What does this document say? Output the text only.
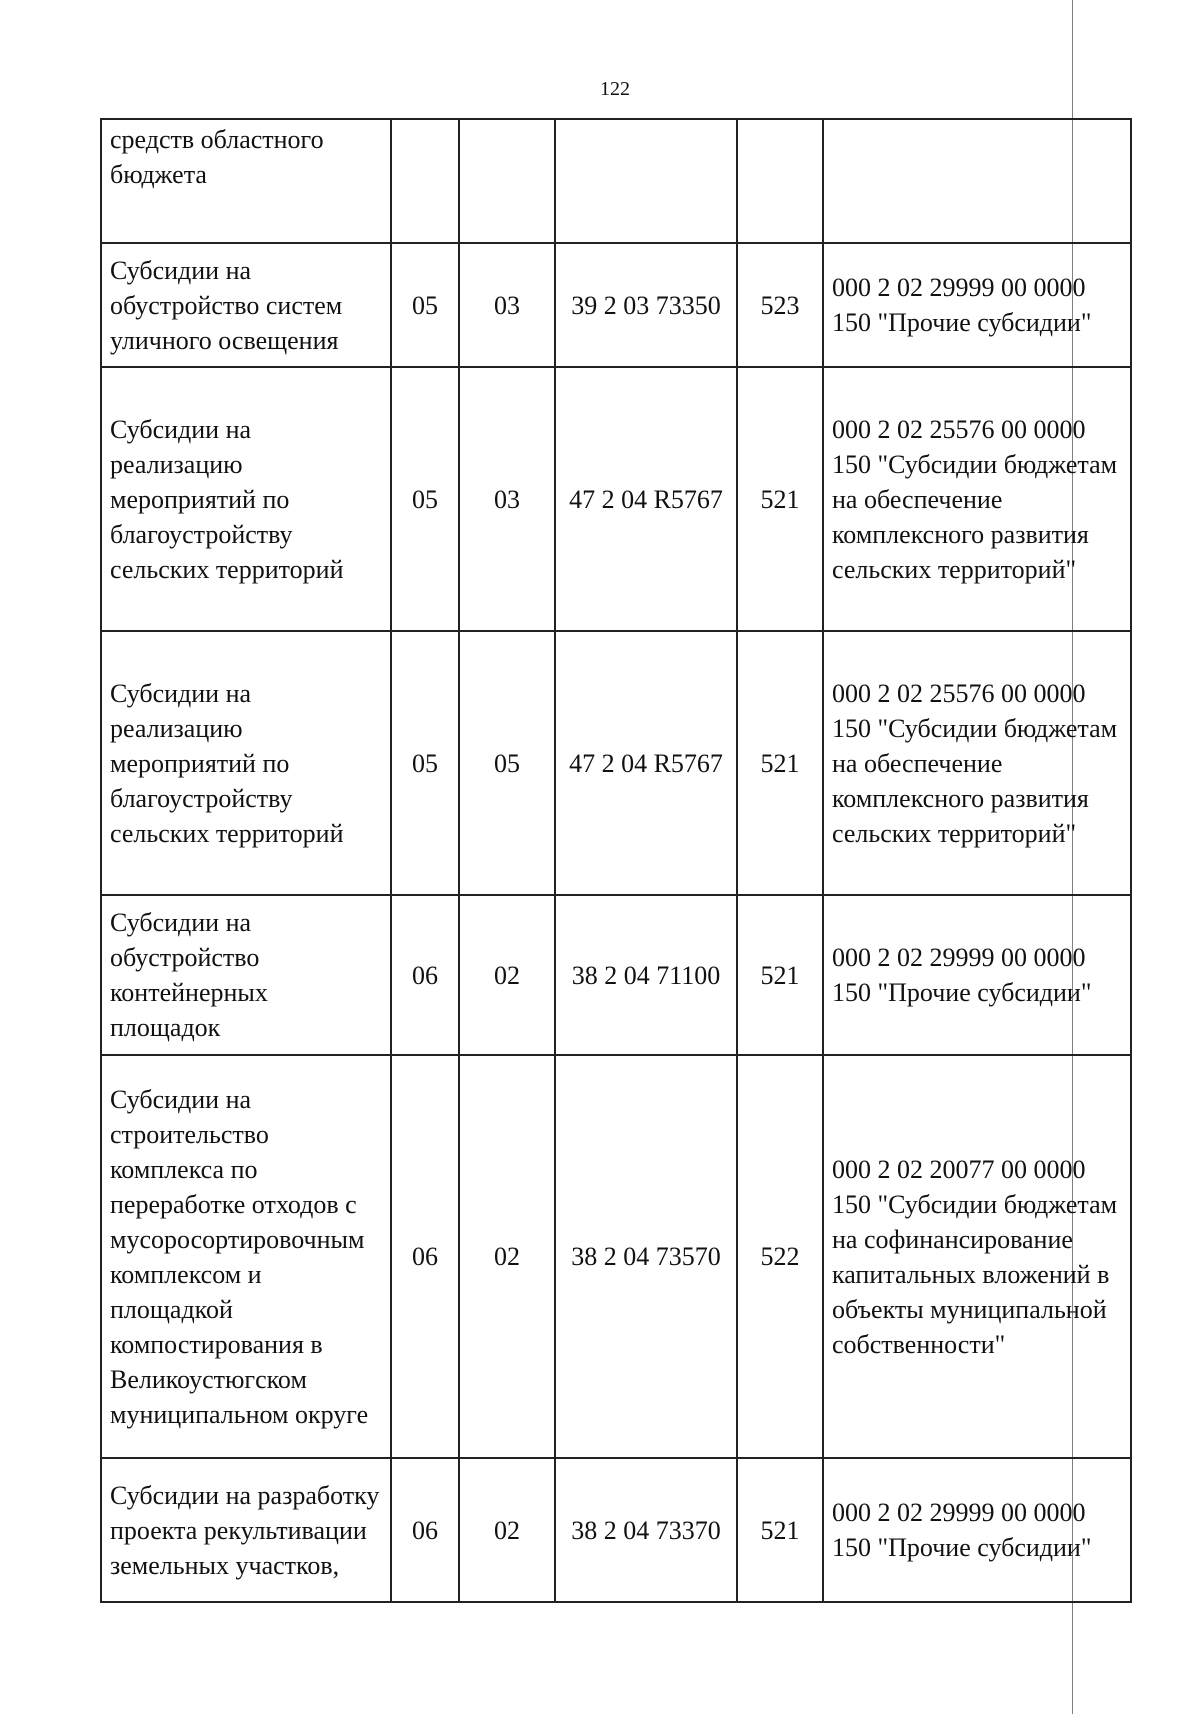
122
средств областного бюджета					
Субсидии на обустройство систем уличного освещения	05	03	39 2 03 73350	523	000 2 02 29999 00 0000 150 "Прочие субсидии"
Субсидии на реализацию мероприятий по благоустройству сельских территорий	05	03	47 2 04 R5767	521	000 2 02 25576 00 0000 150 "Субсидии бюджетам на обеспечение комплексного развития сельских территорий"
Субсидии на реализацию мероприятий по благоустройству сельских территорий	05	05	47 2 04 R5767	521	000 2 02 25576 00 0000 150 "Субсидии бюджетам на обеспечение комплексного развития сельских территорий"
Субсидии на обустройство контейнерных площадок	06	02	38 2 04 71100	521	000 2 02 29999 00 0000 150 "Прочие субсидии"
Субсидии на строительство комплекса по переработке отходов с мусоросортировочным комплексом и площадкой компостирования в Великоустюгском муниципальном округе	06	02	38 2 04 73570	522	000 2 02 20077 00 0000 150 "Субсидии бюджетам на софинансирование капитальных вложений в объекты муниципальной собственности"
Субсидии на разработку проекта рекультивации земельных участков,	06	02	38 2 04 73370	521	000 2 02 29999 00 0000 150 "Прочие субсидии"
